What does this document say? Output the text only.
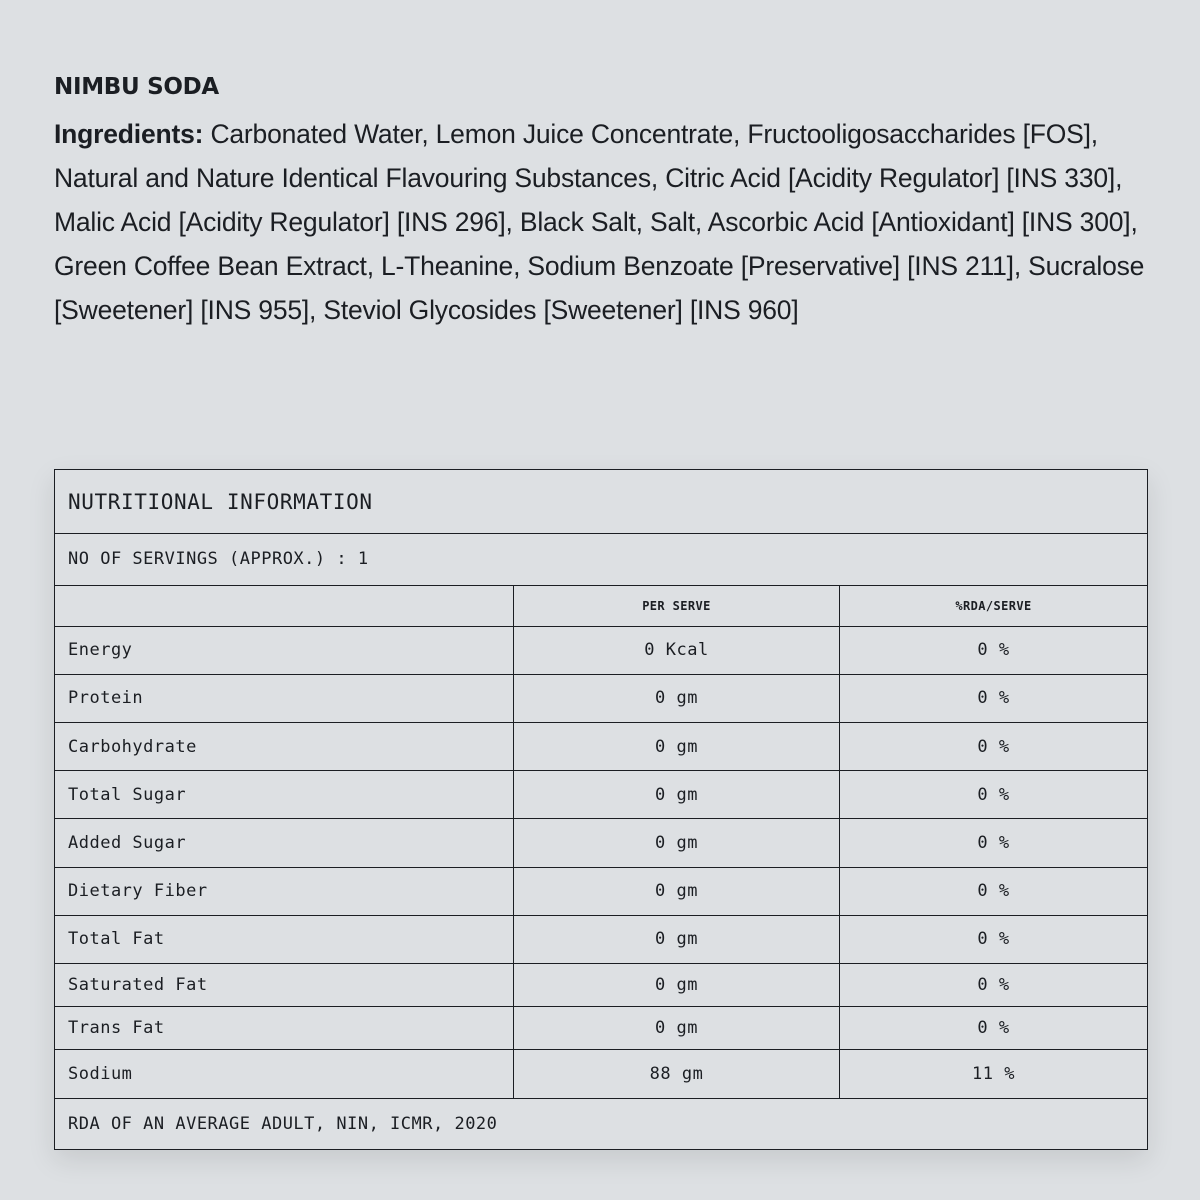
NIMBU SODA
Ingredients: Carbonated Water, Lemon Juice Concentrate, Fructooligosaccharides [FOS], Natural and Nature Identical Flavouring Substances, Citric Acid [Acidity Regulator] [INS 330], Malic Acid [Acidity Regulator] [INS 296], Black Salt, Salt, Ascorbic Acid [Antioxidant] [INS 300], Green Coffee Bean Extract, L-Theanine, Sodium Benzoate [Preservative] [INS 211], Sucralose [Sweetener] [INS 955], Steviol Glycosides [Sweetener] [INS 960]
NUTRITIONAL INFORMATION		
NO OF SERVINGS (APPROX.) : 1		
	PER SERVE	%RDA/SERVE
Energy	0 Kcal	0 %
Protein	0 gm	0 %
Carbohydrate	0 gm	0 %
Total Sugar	0 gm	0 %
Added Sugar	0 gm	0 %
Dietary Fiber	0 gm	0 %
Total Fat	0 gm	0 %
Saturated Fat	0 gm	0 %
Trans Fat	0 gm	0 %
Sodium	88 gm	11 %
RDA OF AN AVERAGE ADULT, NIN, ICMR, 2020		
